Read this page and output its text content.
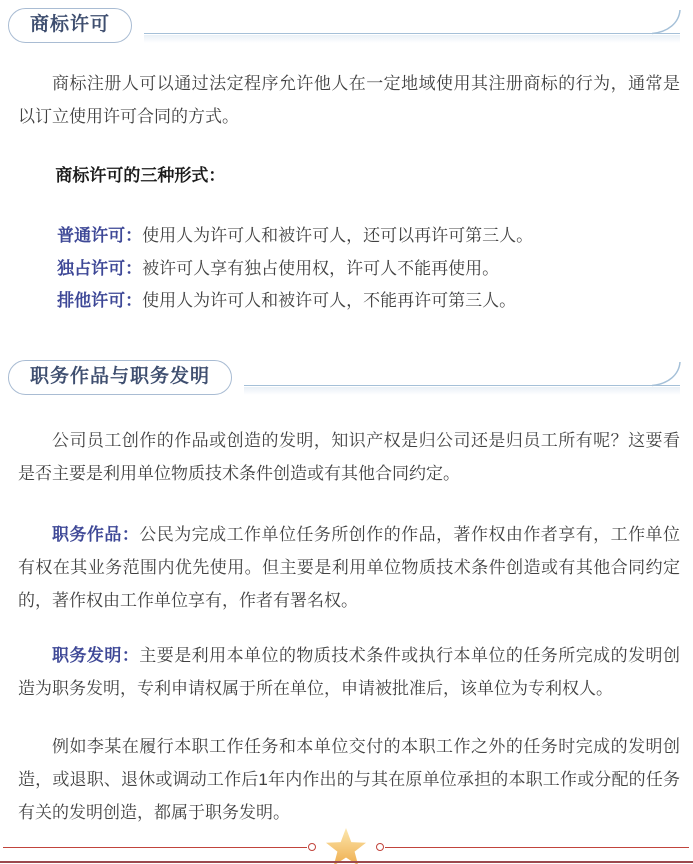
商标许可

商标注册人可以通过法定程序允许他人在一定地域使用其注册商标的行为，通常是以订立使用许可合同的方式。

商标许可的三种形式：

普通许可：使用人为许可人和被许可人，还可以再许可第三人。

独占许可：被许可人享有独占使用权，许可人不能再使用。

排他许可：使用人为许可人和被许可人，不能再许可第三人。

职务作品与职务发明

公司员工创作的作品或创造的发明，知识产权是归公司还是归员工所有呢？这要看是否主要是利用单位物质技术条件创造或有其他合同约定。

职务作品：公民为完成工作单位任务所创作的作品，著作权由作者享有，工作单位有权在其业务范围内优先使用。但主要是利用单位物质技术条件创造或有其他合同约定的，著作权由工作单位享有，作者有署名权。

职务发明：主要是利用本单位的物质技术条件或执行本单位的任务所完成的发明创造为职务发明，专利申请权属于所在单位，申请被批准后，该单位为专利权人。

例如李某在履行本职工作任务和本单位交付的本职工作之外的任务时完成的发明创造，或退职、退休或调动工作后1年内作出的与其在原单位承担的本职工作或分配的任务有关的发明创造，都属于职务发明。
